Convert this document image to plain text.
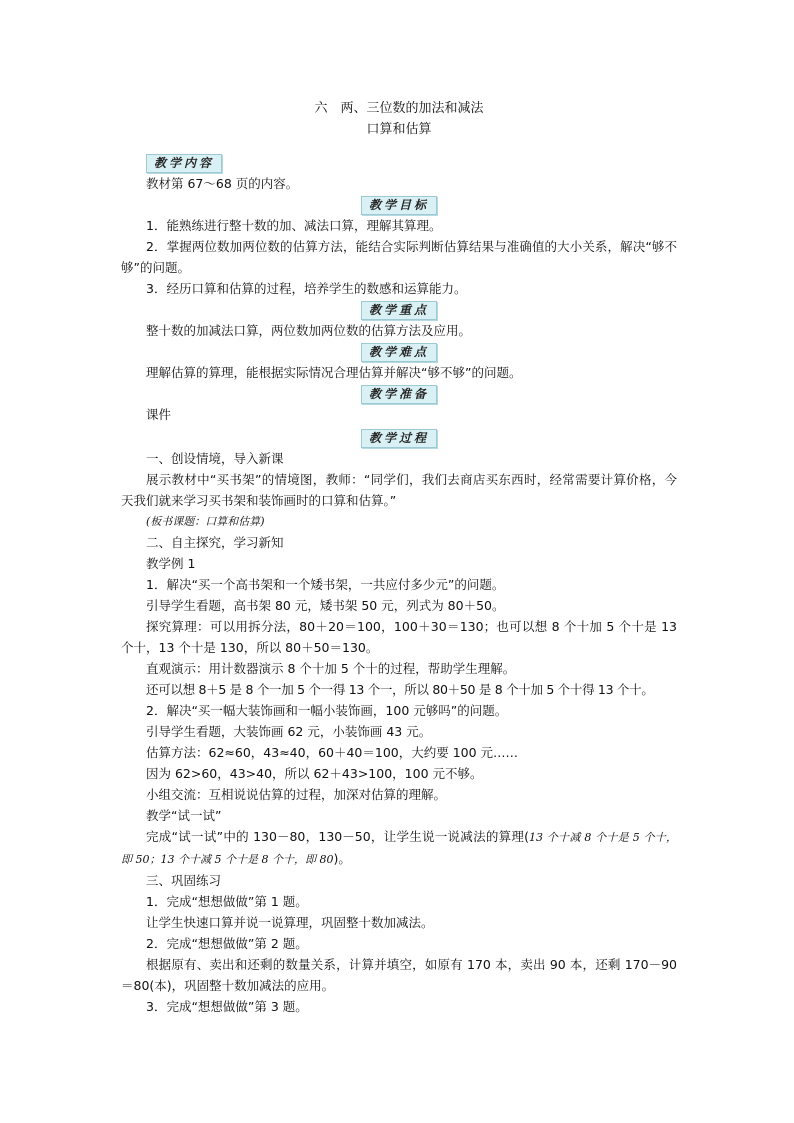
六　两、三位数的加法和减法
口算和估算
教学内容

教材第 67～68 页的内容。

教学目标

1．能熟练进行整十数的加、减法口算，理解其算理。

2．掌握两位数加两位数的估算方法，能结合实际判断估算结果与准确值的大小关系，解决“够不够”的问题。

3．经历口算和估算的过程，培养学生的数感和运算能力。

教学重点

整十数的加减法口算，两位数加两位数的估算方法及应用。

教学难点

理解估算的算理，能根据实际情况合理估算并解决“够不够”的问题。

教学准备

课件

教学过程

一、创设情境，导入新课

展示教材中“买书架”的情境图，教师：“同学们，我们去商店买东西时，经常需要计算价格，今天我们就来学习买书架和装饰画时的口算和估算。”

(板书课题：口算和估算)

二、自主探究，学习新知

教学例 1

1．解决“买一个高书架和一个矮书架，一共应付多少元”的问题。

引导学生看题，高书架 80 元，矮书架 50 元，列式为 80＋50。

探究算理：可以用拆分法，80＋20＝100，100＋30＝130；也可以想 8 个十加 5 个十是 13 个十，13 个十是 130，所以 80＋50＝130。

直观演示：用计数器演示 8 个十加 5 个十的过程，帮助学生理解。

还可以想 8＋5 是 8 个一加 5 个一得 13 个一，所以 80＋50 是 8 个十加 5 个十得 13 个十。

2．解决“买一幅大装饰画和一幅小装饰画，100 元够吗”的问题。

引导学生看题，大装饰画 62 元，小装饰画 43 元。

估算方法：62≈60，43≈40，60＋40＝100，大约要 100 元……

因为 62>60，43>40，所以 62＋43>100，100 元不够。

小组交流：互相说说估算的过程，加深对估算的理解。

教学“试一试”

完成“试一试”中的 130－80，130－50，让学生说一说减法的算理(13 个十减 8 个十是 5 个十，即 50；13 个十减 5 个十是 8 个十，即 80)。

三、巩固练习

1．完成“想想做做”第 1 题。

让学生快速口算并说一说算理，巩固整十数加减法。

2．完成“想想做做”第 2 题。

根据原有、卖出和还剩的数量关系，计算并填空，如原有 170 本，卖出 90 本，还剩 170－90＝80(本)，巩固整十数加减法的应用。

3．完成“想想做做”第 3 题。
